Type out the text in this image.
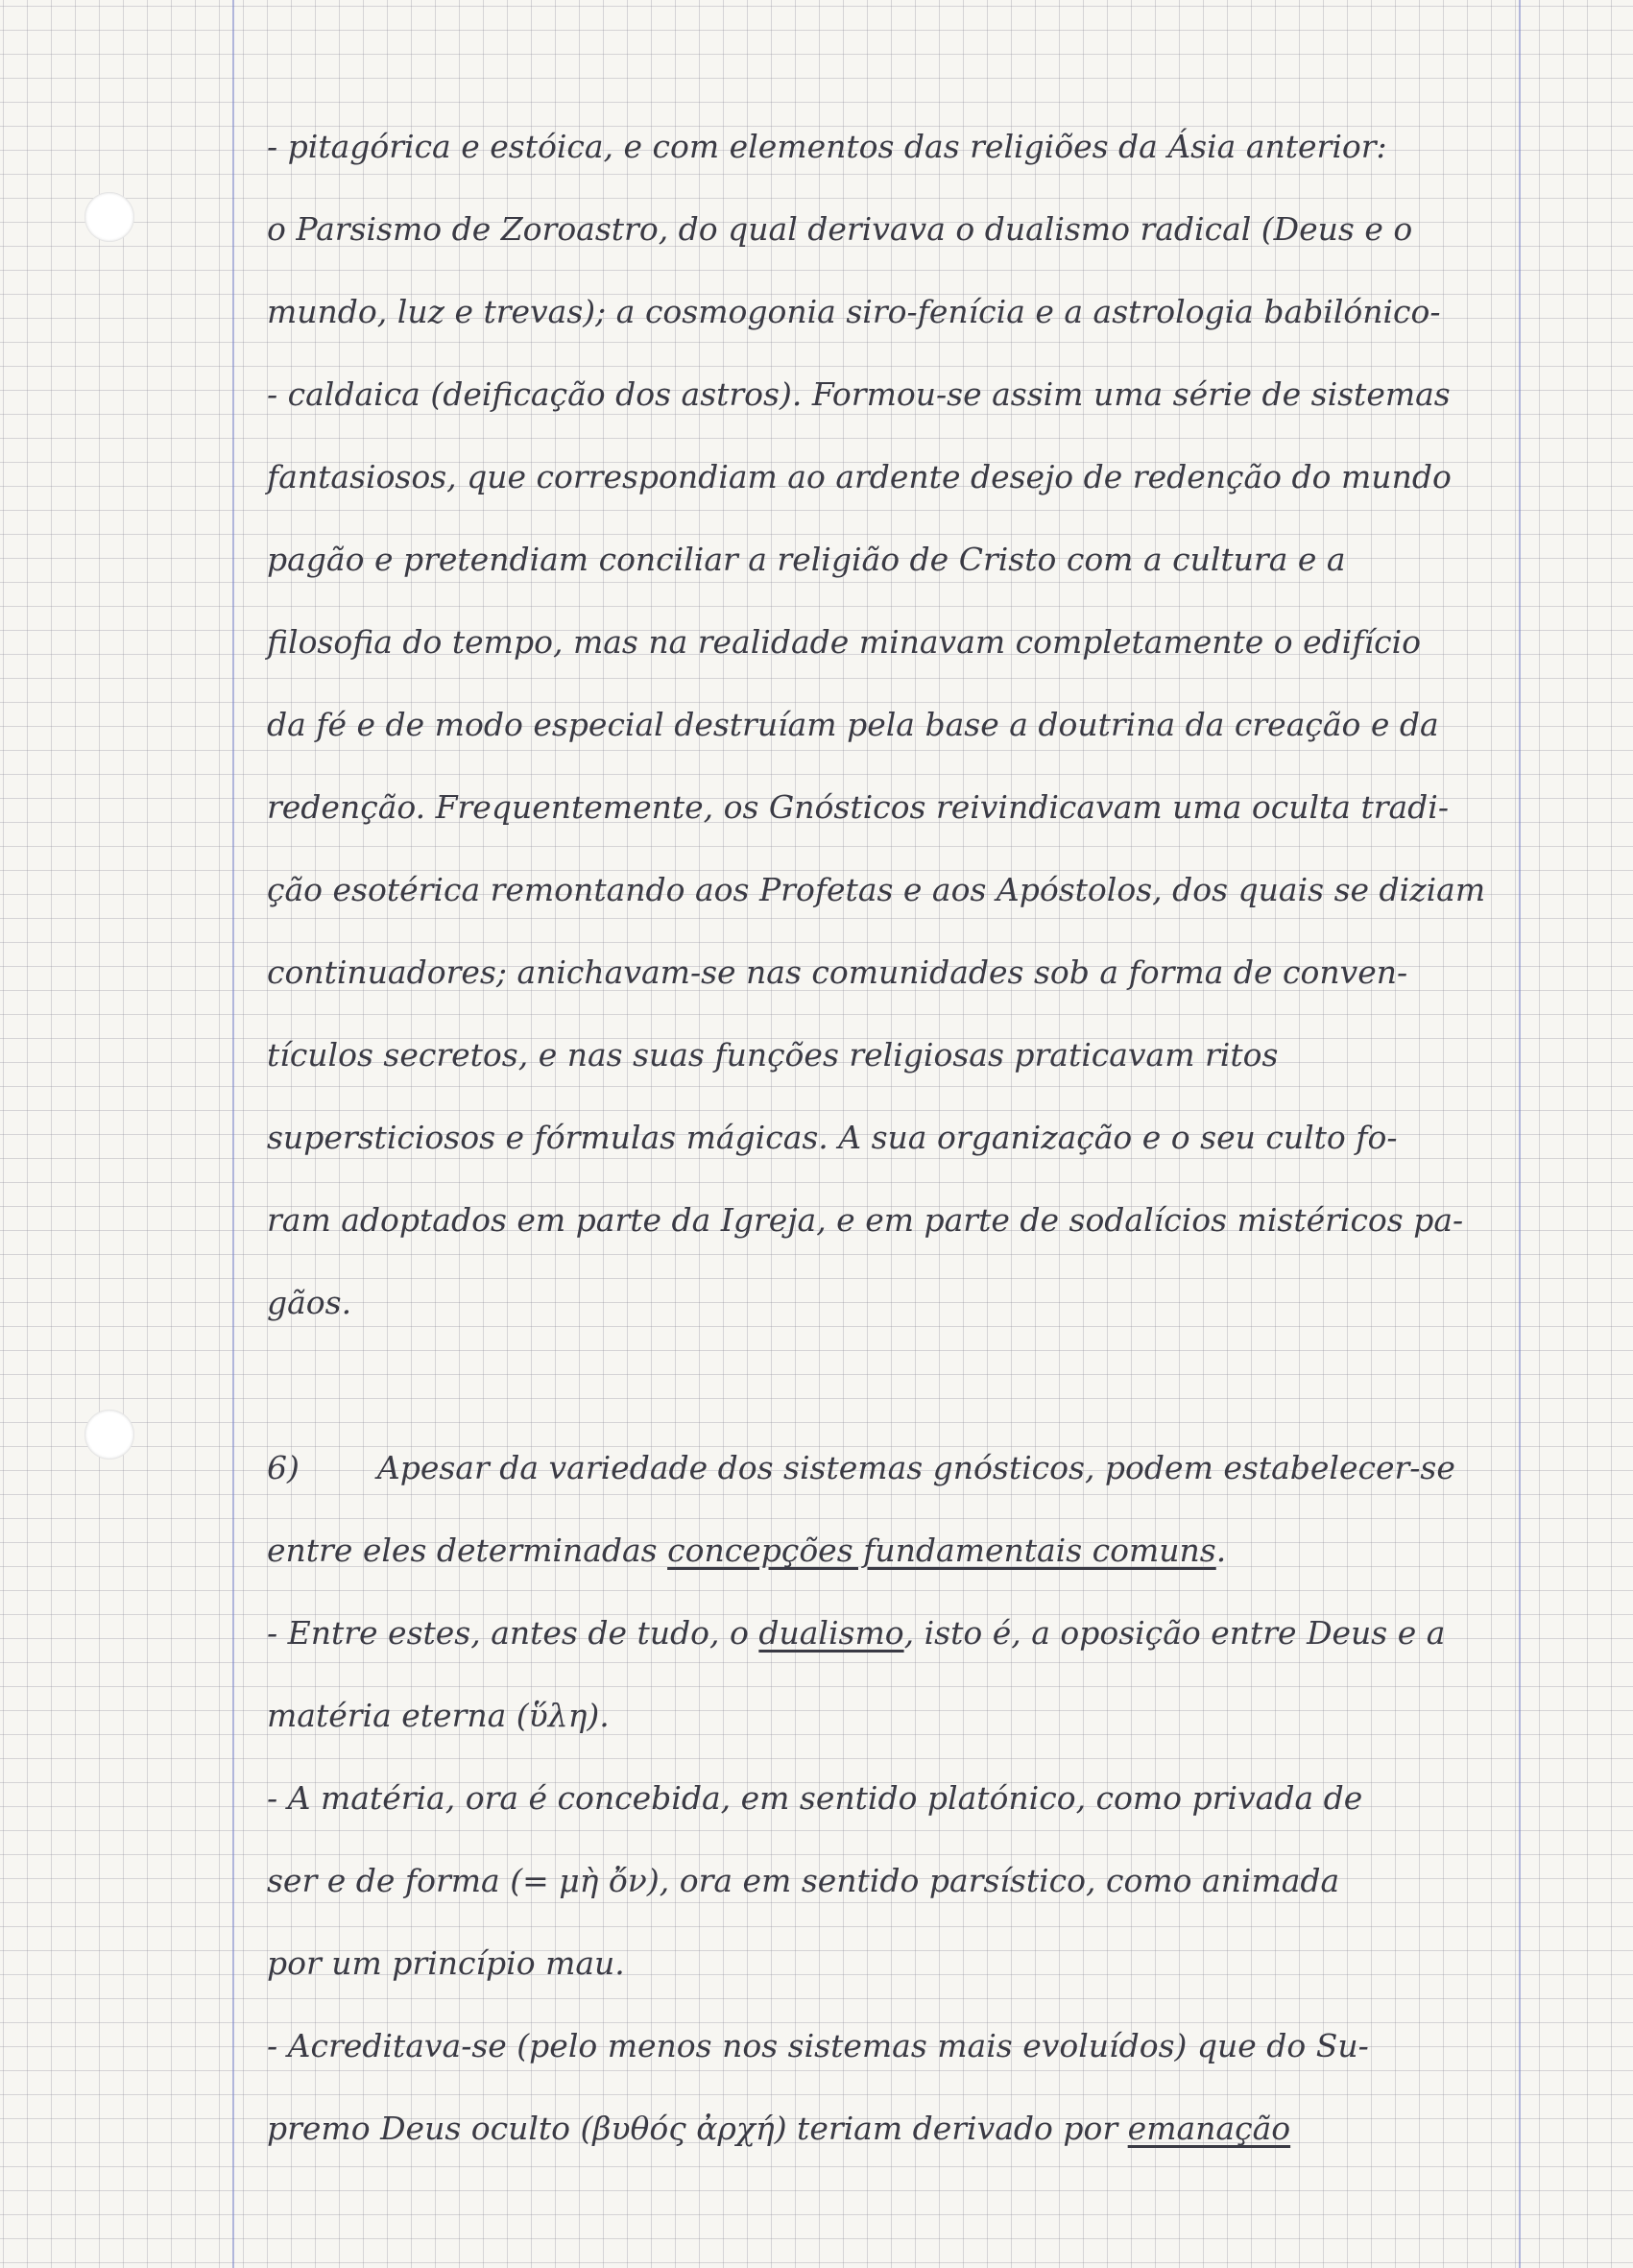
- pitagórica e estóica, e com elementos das religiões da Ásia anterior:
o Parsismo de Zoroastro, do qual derivava o dualismo radical (Deus e o
mundo, luz e trevas); a cosmogonia siro-fenícia e a astrologia babilónico-
- caldaica (deificação dos astros). Formou-se assim uma série de sistemas
fantasiosos, que correspondiam ao ardente desejo de redenção do mundo
pagão e pretendiam conciliar a religião de Cristo com a cultura e a
filosofia do tempo, mas na realidade minavam completamente o edifício
da fé e de modo especial destruíam pela base a doutrina da creação e da
redenção. Frequentemente, os Gnósticos reivindicavam uma oculta tradi-
ção esotérica remontando aos Profetas e aos Apóstolos, dos quais se diziam
continuadores; anichavam-se nas comunidades sob a forma de conven-
tículos secretos, e nas suas funções religiosas praticavam ritos
supersticiosos e fórmulas mágicas. A sua organização e o seu culto fo-
ram adoptados em parte da Igreja, e em parte de sodalícios mistéricos pa-
gãos.
6) Apesar da variedade dos sistemas gnósticos, podem estabelecer-se
entre eles determinadas concepções fundamentais comuns.
- Entre estes, antes de tudo, o dualismo, isto é, a oposição entre Deus e a
matéria eterna (ὕλη).
- A matéria, ora é concebida, em sentido platónico, como privada de
ser e de forma (= μὴ ὄν), ora em sentido parsístico, como animada
por um princípio mau.
- Acreditava-se (pelo menos nos sistemas mais evoluídos) que do Su-
premo Deus oculto (βυθός ἀρχή) teriam derivado por emanação
